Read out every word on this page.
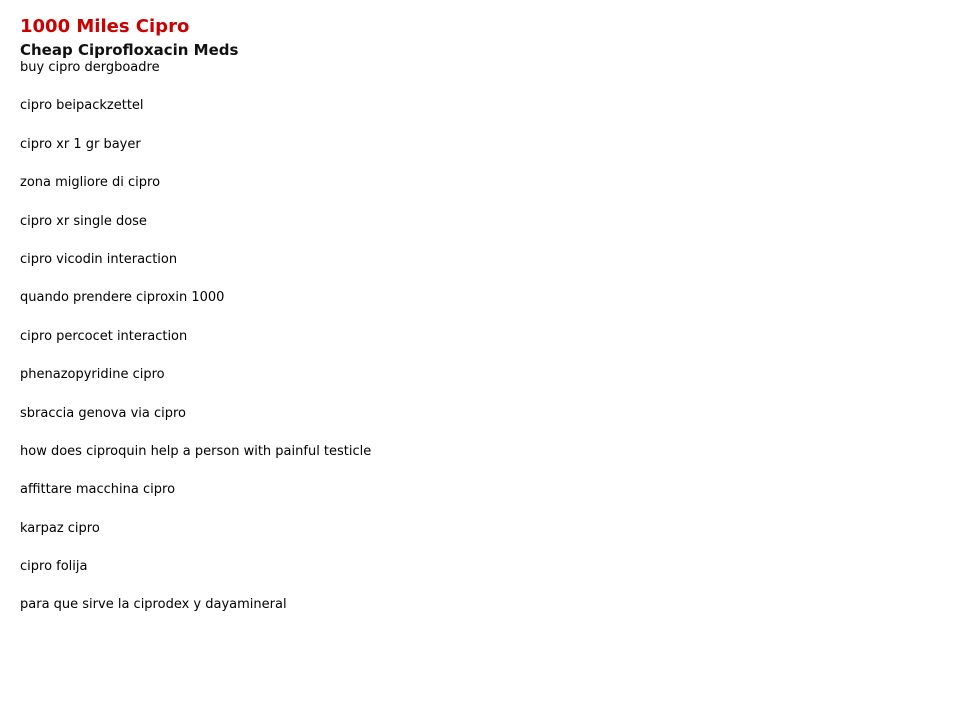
1000 Miles Cipro
Cheap Ciprofloxacin Meds
buy cipro dergboadre
cipro beipackzettel
cipro xr 1 gr bayer
zona migliore di cipro
cipro xr single dose
cipro vicodin interaction
quando prendere ciproxin 1000
cipro percocet interaction
phenazopyridine cipro
sbraccia genova via cipro
how does ciproquin help a person with painful testicle
affittare macchina cipro
karpaz cipro
cipro folija
para que sirve la ciprodex y dayamineral
